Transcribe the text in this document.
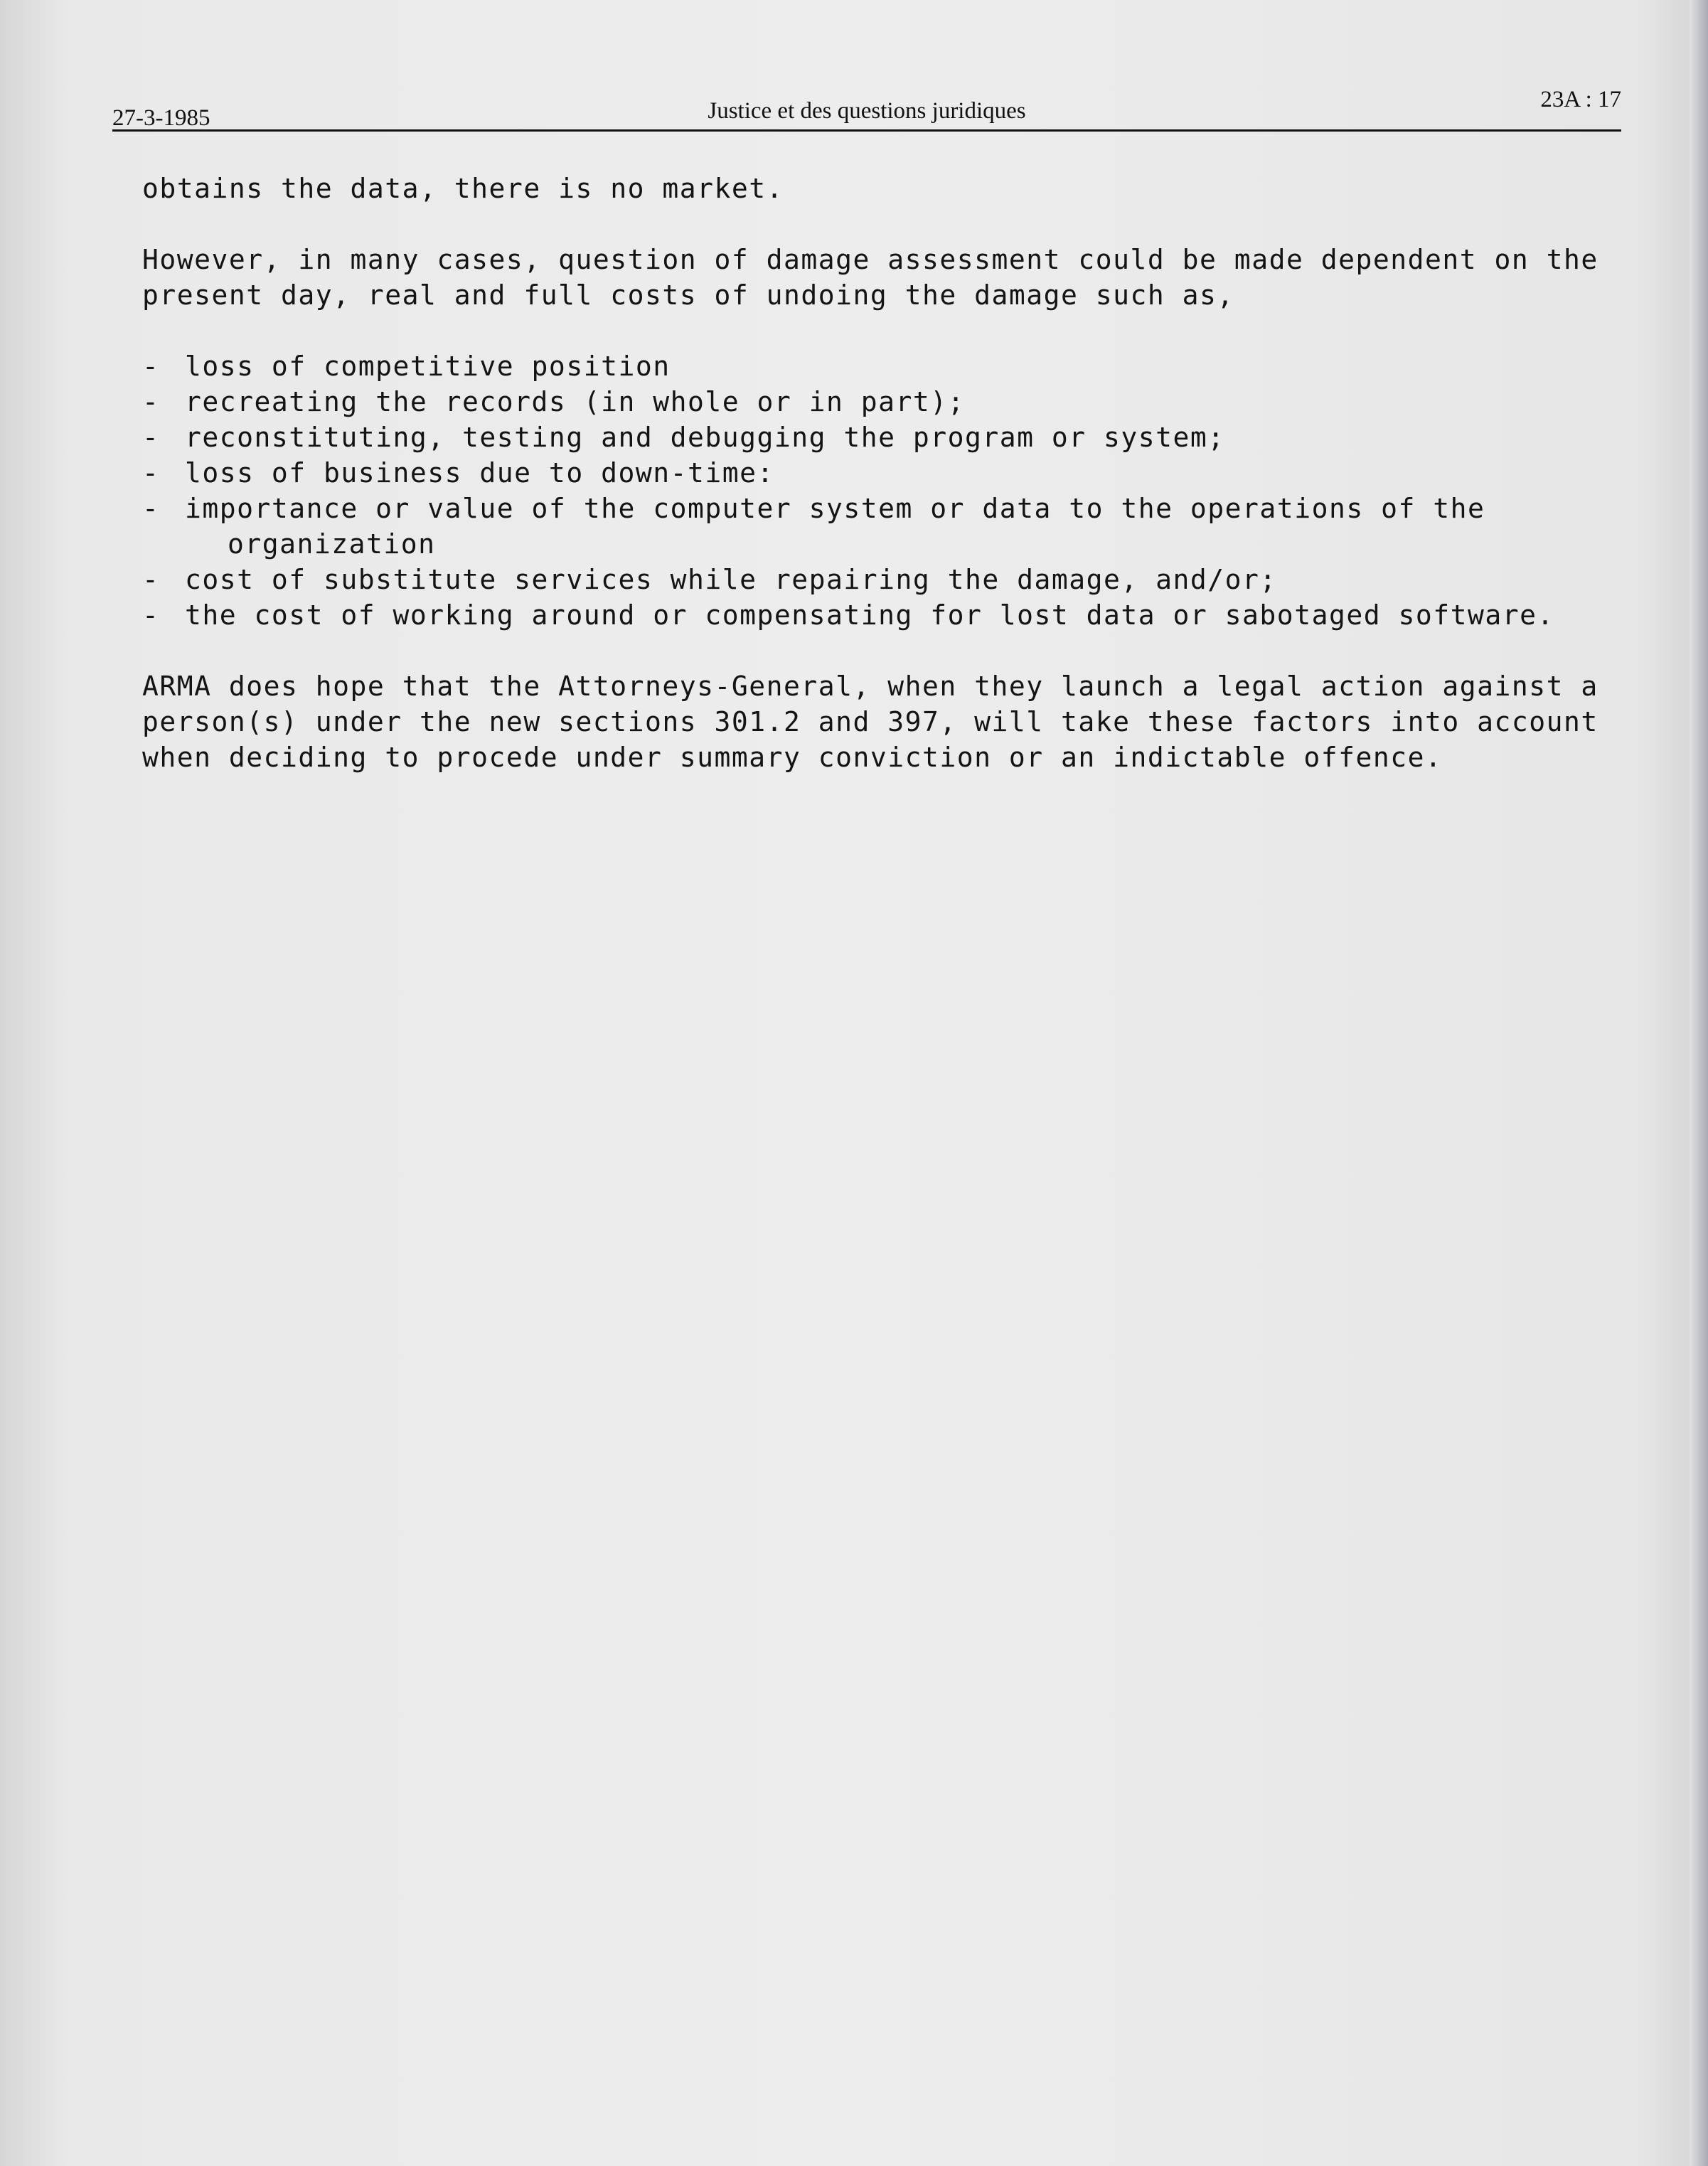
27-3-1985	Justice et des questions juridiques	23A : 17

obtains the data, there is no market.

However, in many cases, question of damage assessment could be made dependent on the present day, real and full costs of undoing the damage such as,

- loss of competitive position
- recreating the records (in whole or in part);
- reconstituting, testing and debugging the program or system;
- loss of business due to down-time:
- importance or value of the computer system or data to the operations of the organization
- cost of substitute services while repairing the damage, and/or;
- the cost of working around or compensating for lost data or sabotaged software.

ARMA does hope that the Attorneys-General, when they launch a legal action against a person(s) under the new sections 301.2 and 397, will take these factors into account when deciding to procede under summary conviction or an indictable offence.
